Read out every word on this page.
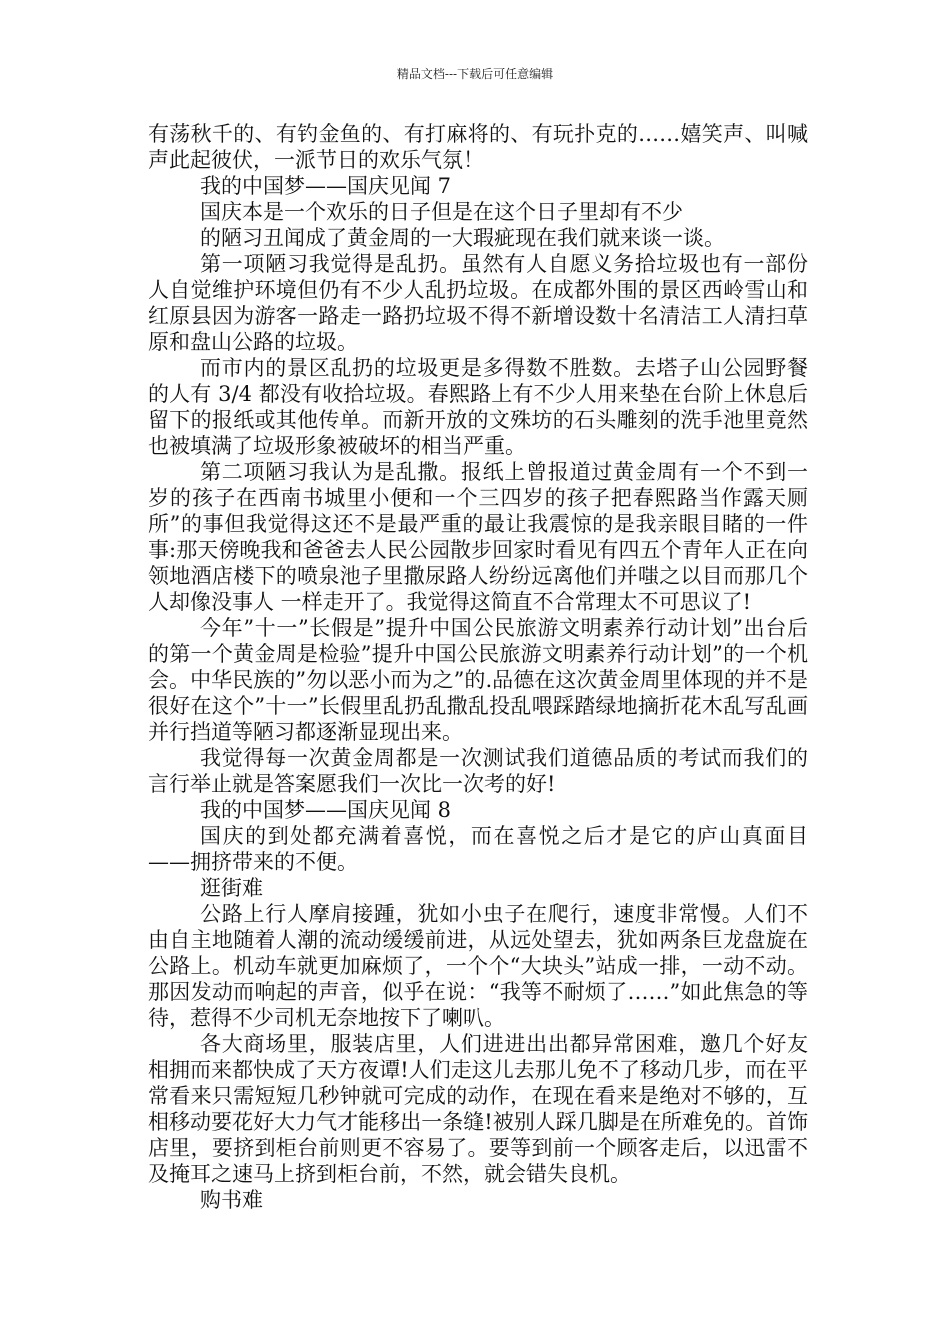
精品文档---下载后可任意编辑

有荡秋千的、有钓金鱼的、有打麻将的、有玩扑克的……嬉笑声、叫喊声此起彼伏，一派节日的欢乐气氛！

我的中国梦——国庆见闻 7

国庆本是一个欢乐的日子但是在这个日子里却有不少

的陋习丑闻成了黄金周的一大瑕疵现在我们就来谈一谈。

第一项陋习我觉得是乱扔。虽然有人自愿义务拾垃圾也有一部份人自觉维护环境但仍有不少人乱扔垃圾。在成都外围的景区西岭雪山和红原县因为游客一路走一路扔垃圾不得不新增设数十名清洁工人清扫草原和盘山公路的垃圾。

而市内的景区乱扔的垃圾更是多得数不胜数。去塔子山公园野餐的人有 3/4 都没有收拾垃圾。春熙路上有不少人用来垫在台阶上休息后留下的报纸或其他传单。而新开放的文殊坊的石头雕刻的洗手池里竟然也被填满了垃圾形象被破坏的相当严重。

第二项陋习我认为是乱撒。报纸上曾报道过黄金周有一个不到一岁的孩子在西南书城里小便和一个三四岁的孩子把春熙路当作露天厕所”的事但我觉得这还不是最严重的最让我震惊的是我亲眼目睹的一件事:那天傍晚我和爸爸去人民公园散步回家时看见有四五个青年人正在向领地酒店楼下的喷泉池子里撒尿路人纷纷远离他们并嗤之以目而那几个人却像没事人 一样走开了。我觉得这简直不合常理太不可思议了!

今年”十一”长假是”提升中国公民旅游文明素养行动计划”出台后的第一个黄金周是检验”提升中国公民旅游文明素养行动计划”的一个机会。中华民族的”勿以恶小而为之”的.品德在这次黄金周里体现的并不是很好在这个”十一”长假里乱扔乱撒乱投乱喂踩踏绿地摘折花木乱写乱画并行挡道等陋习都逐渐显现出来。

我觉得每一次黄金周都是一次测试我们道德品质的考试而我们的言行举止就是答案愿我们一次比一次考的好!

我的中国梦——国庆见闻 8

国庆的到处都充满着喜悦，而在喜悦之后才是它的庐山真面目——拥挤带来的不便。

逛街难

公路上行人摩肩接踵，犹如小虫子在爬行，速度非常慢。人们不由自主地随着人潮的流动缓缓前进，从远处望去，犹如两条巨龙盘旋在公路上。机动车就更加麻烦了，一个个“大块头”站成一排，一动不动。那因发动而响起的声音，似乎在说：“我等不耐烦了……”如此焦急的等待，惹得不少司机无奈地按下了喇叭。

各大商场里，服装店里，人们进进出出都异常困难，邀几个好友相拥而来都快成了天方夜谭!人们走这儿去那儿免不了移动几步，而在平常看来只需短短几秒钟就可完成的动作，在现在看来是绝对不够的，互相移动要花好大力气才能移出一条缝!被别人踩几脚是在所难免的。首饰店里，要挤到柜台前则更不容易了。要等到前一个顾客走后，以迅雷不及掩耳之速马上挤到柜台前，不然，就会错失良机。

购书难
